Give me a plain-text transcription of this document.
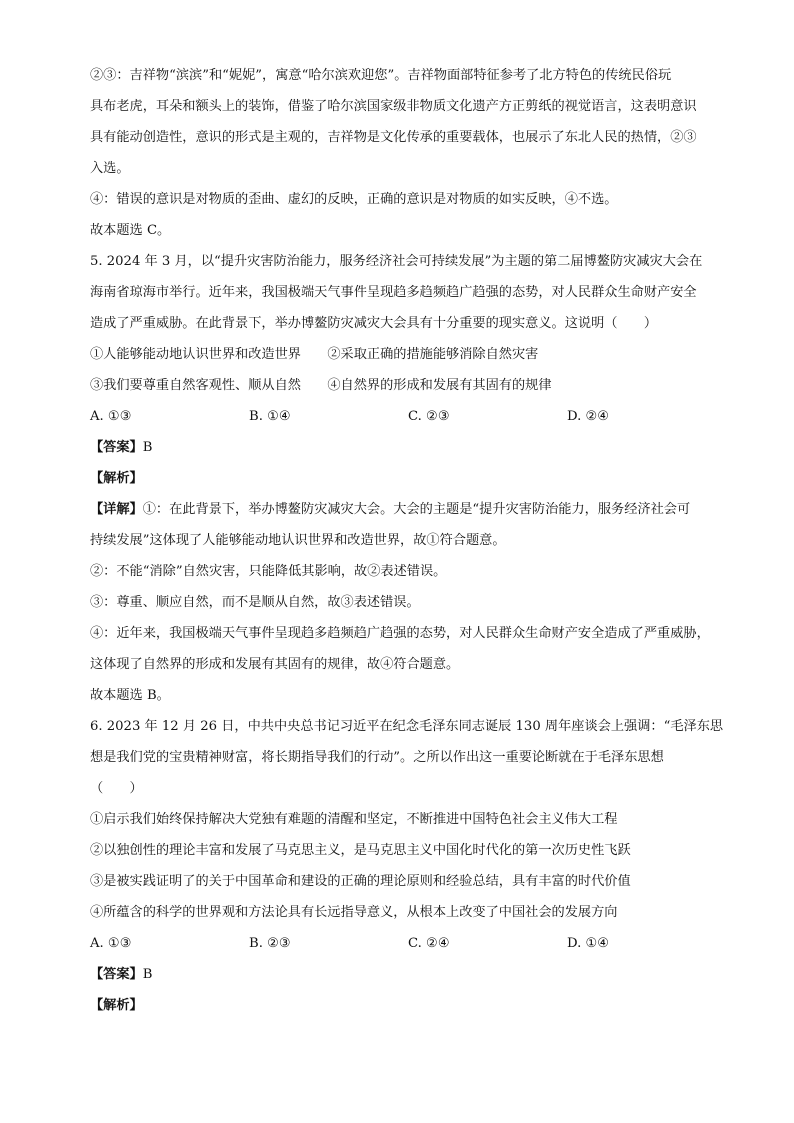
②③：吉祥物“滨滨”和“妮妮”，寓意“哈尔滨欢迎您”。吉祥物面部特征参考了北方特色的传统民俗玩

具布老虎，耳朵和额头上的装饰，借鉴了哈尔滨国家级非物质文化遗产方正剪纸的视觉语言，这表明意识

具有能动创造性，意识的形式是主观的，吉祥物是文化传承的重要载体，也展示了东北人民的热情，②③

入选。

④：错误的意识是对物质的歪曲、虚幻的反映，正确的意识是对物质的如实反映，④不选。

故本题选 C。

5. 2024 年 3 月，以“提升灾害防治能力，服务经济社会可持续发展”为主题的第二届博鳌防灾减灾大会在

海南省琼海市举行。近年来，我国极端天气事件呈现趋多趋频趋广趋强的态势，对人民群众生命财产安全

造成了严重威胁。在此背景下，举办博鳌防灾减灾大会具有十分重要的现实意义。这说明（　　）

①人能够能动地认识世界和改造世界　　②采取正确的措施能够消除自然灾害

③我们要尊重自然客观性、顺从自然　　④自然界的形成和发展有其固有的规律

A. ①③	B. ①④	C. ②③	D. ②④

【答案】B

【解析】

【详解】①：在此背景下，举办博鳌防灾减灾大会。大会的主题是“提升灾害防治能力，服务经济社会可

持续发展”这体现了人能够能动地认识世界和改造世界，故①符合题意。

②：不能“消除”自然灾害，只能降低其影响，故②表述错误。

③：尊重、顺应自然，而不是顺从自然，故③表述错误。

④：近年来，我国极端天气事件呈现趋多趋频趋广趋强的态势，对人民群众生命财产安全造成了严重威胁，

这体现了自然界的形成和发展有其固有的规律，故④符合题意。

故本题选 B。

6. 2023 年 12 月 26 日，中共中央总书记习近平在纪念毛泽东同志诞辰 130 周年座谈会上强调：“毛泽东思

想是我们党的宝贵精神财富，将长期指导我们的行动”。之所以作出这一重要论断就在于毛泽东思想

（　　）

①启示我们始终保持解决大党独有难题的清醒和坚定，不断推进中国特色社会主义伟大工程

②以独创性的理论丰富和发展了马克思主义，是马克思主义中国化时代化的第一次历史性飞跃

③是被实践证明了的关于中国革命和建设的正确的理论原则和经验总结，具有丰富的时代价值

④所蕴含的科学的世界观和方法论具有长远指导意义，从根本上改变了中国社会的发展方向

A. ①③	B. ②③	C. ②④	D. ①④

【答案】B

【解析】
